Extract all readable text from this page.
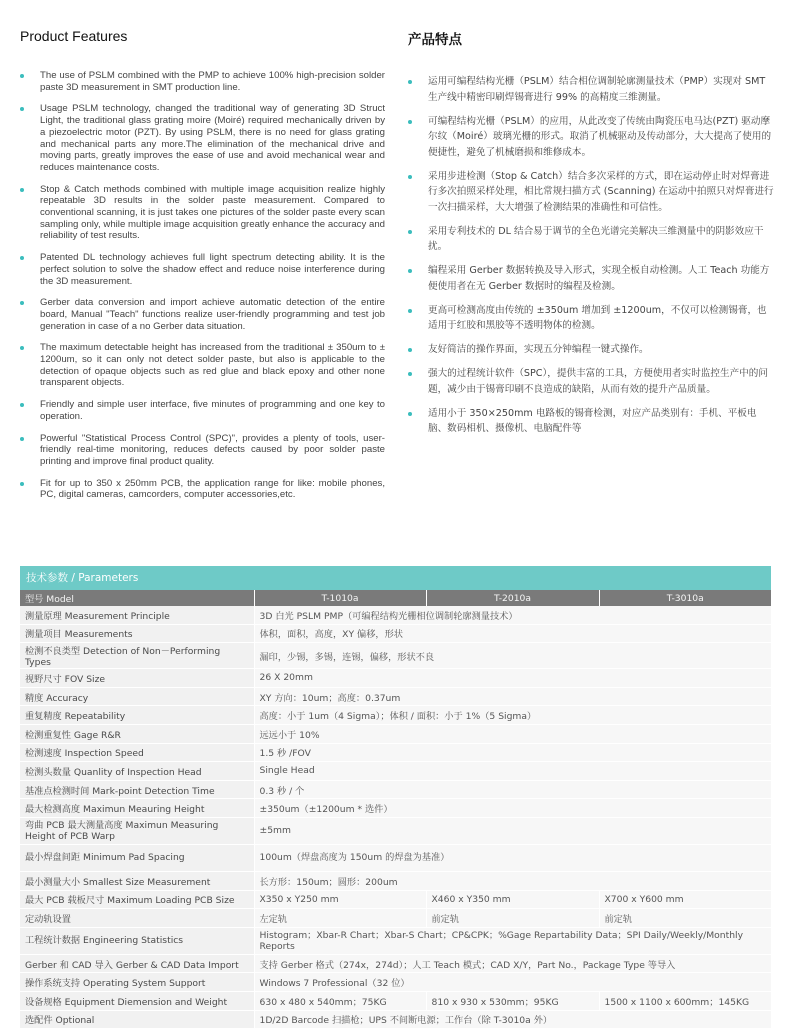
Product Features
The use of PSLM combined with the PMP to achieve 100% high-precision solder paste 3D measurement in SMT production line.
Usage PSLM technology, changed the traditional way of generating 3D Struct Light, the traditional glass grating moire (Moiré) required mechanically driven by a piezoelectric motor (PZT). By using PSLM, there is no need for glass grating and mechanical parts any more.The elimination of the mechanical drive and moving parts, greatly improves the ease of use and avoid mechanical wear and reduces maintenance costs.
Stop & Catch methods combined with multiple image acquisition realize highly repeatable 3D results in the solder paste measurement. Compared to conventional scanning, it is just takes one pictures of the solder paste every scan sampling only, while multiple image acquisition greatly enhance the accuracy and reliability of test results.
Patented DL technology achieves full light spectrum detecting ability. It is the perfect solution to solve the shadow effect and reduce noise interference during the 3D measurement.
Gerber data conversion and import achieve automatic detection of the entire board, Manual "Teach" functions realize user-friendly programming and test job generation in case of a no Gerber data situation.
The maximum detectable height has increased from the traditional ± 350um to ± 1200um, so it can only not detect solder paste, but also is applicable to the detection of opaque objects such as red glue and black epoxy and other none transparent objects.
Friendly and simple user interface, five minutes of programming and one key to operation.
Powerful "Statistical Process Control (SPC)", provides a plenty of tools, user-friendly real-time monitoring, reduces defects caused by poor solder paste printing and improve final product quality.
Fit for up to 350 x 250mm PCB, the application range for like: mobile phones, PC, digital cameras, camcorders, computer accessories,etc.
产品特点
运用可编程结构光栅（PSLM）结合相位调制轮廓测量技术（PMP）实现对 SMT 生产线中精密印刷焊锡膏进行 99% 的高精度三维测量。
可编程结构光栅（PSLM）的应用，从此改变了传统由陶瓷压电马达(PZT) 驱动摩尔纹（Moiré）玻璃光栅的形式。取消了机械驱动及传动部分，大大提高了使用的便捷性，避免了机械磨损和维修成本。
采用步进检测（Stop & Catch）结合多次采样的方式，即在运动停止时对焊膏进行多次拍照采样处理，相比常规扫描方式 (Scanning) 在运动中拍照只对焊膏进行一次扫描采样，大大增强了检测结果的准确性和可信性。
采用专利技术的 DL 结合易于调节的全色光谱完美解决三维测量中的阴影效应干扰。
编程采用 Gerber 数据转换及导入形式，实现全板自动检测。人工 Teach 功能方便使用者在无 Gerber 数据时的编程及检测。
更高可检测高度由传统的 ±350um 增加到 ±1200um，不仅可以检测锡膏，也适用于红胶和黑胶等不透明物体的检测。
友好简洁的操作界面，实现五分钟编程一键式操作。
强大的过程统计软件（SPC），提供丰富的工具，方便使用者实时监控生产中的问题，减少由于锡膏印刷不良造成的缺陷，从而有效的提升产品质量。
适用小于 350×250mm 电路板的锡膏检测，对应产品类别有：手机、平板电脑、数码相机、摄像机、电脑配件等
技术参数 / Parameters
型号 Model	T-1010a	T-2010a	T-3010a
测量原理 Measurement Principle	3D 白光 PSLM PMP（可编程结构光栅相位调制轮廓测量技术）		
测量项目 Measurements	体积，面积，高度，XY 偏移，形状		
检测不良类型 Detection of Non－Performing Types	漏印，少锡，多锡，连锡，偏移，形状不良		
视野尺寸 FOV Size	26 X 20mm		
精度 Accuracy	XY 方向：10um；高度：0.37um		
重复精度 Repeatability	高度：小于 1um（4 Sigma）；体积 / 面积：小于 1%（5 Sigma）		
检测重复性 Gage R&R	远远小于 10%		
检测速度 Inspection Speed	1.5 秒 /FOV		
检测头数量 Quanlity of Inspection Head	Single Head		
基准点检测时间 Mark-point Detection Time	0.3 秒 / 个		
最大检测高度 Maximun Meauring Height	±350um（±1200um * 选件）		
弯曲 PCB 最大测量高度 Maximun Measuring Height of PCB Warp	±5mm		
最小焊盘间距 Minimum Pad Spacing	100um（焊盘高度为 150um 的焊盘为基准）		
最小测量大小 Smallest Size Measurement	长方形：150um；圆形：200um		
最大 PCB 载板尺寸 Maximum Loading PCB Size	X350 x Y250 mm	X460 x Y350 mm	X700 x Y600 mm
定动轨设置	左定轨	前定轨	前定轨
工程统计数据 Engineering Statistics	Histogram；Xbar-R Chart；Xbar-S Chart；CP&CPK；%Gage Repartability Data；SPI Daily/Weekly/Monthly Reports		
Gerber 和 CAD 导入 Gerber & CAD Data Import	支持 Gerber 格式（274x，274d）；人工 Teach 模式；CAD X/Y，Part No.，Package Type 等导入		
操作系统支持 Operating System Support	Windows 7 Professional（32 位）		
设备规格 Equipment Diemension and Weight	630 x 480 x 540mm；75KG	810 x 930 x 530mm；95KG	1500 x 1100 x 600mm；145KG
选配件 Optional	1D/2D Barcode 扫描枪；UPS 不间断电源；工作台（除 T-3010a 外）		
